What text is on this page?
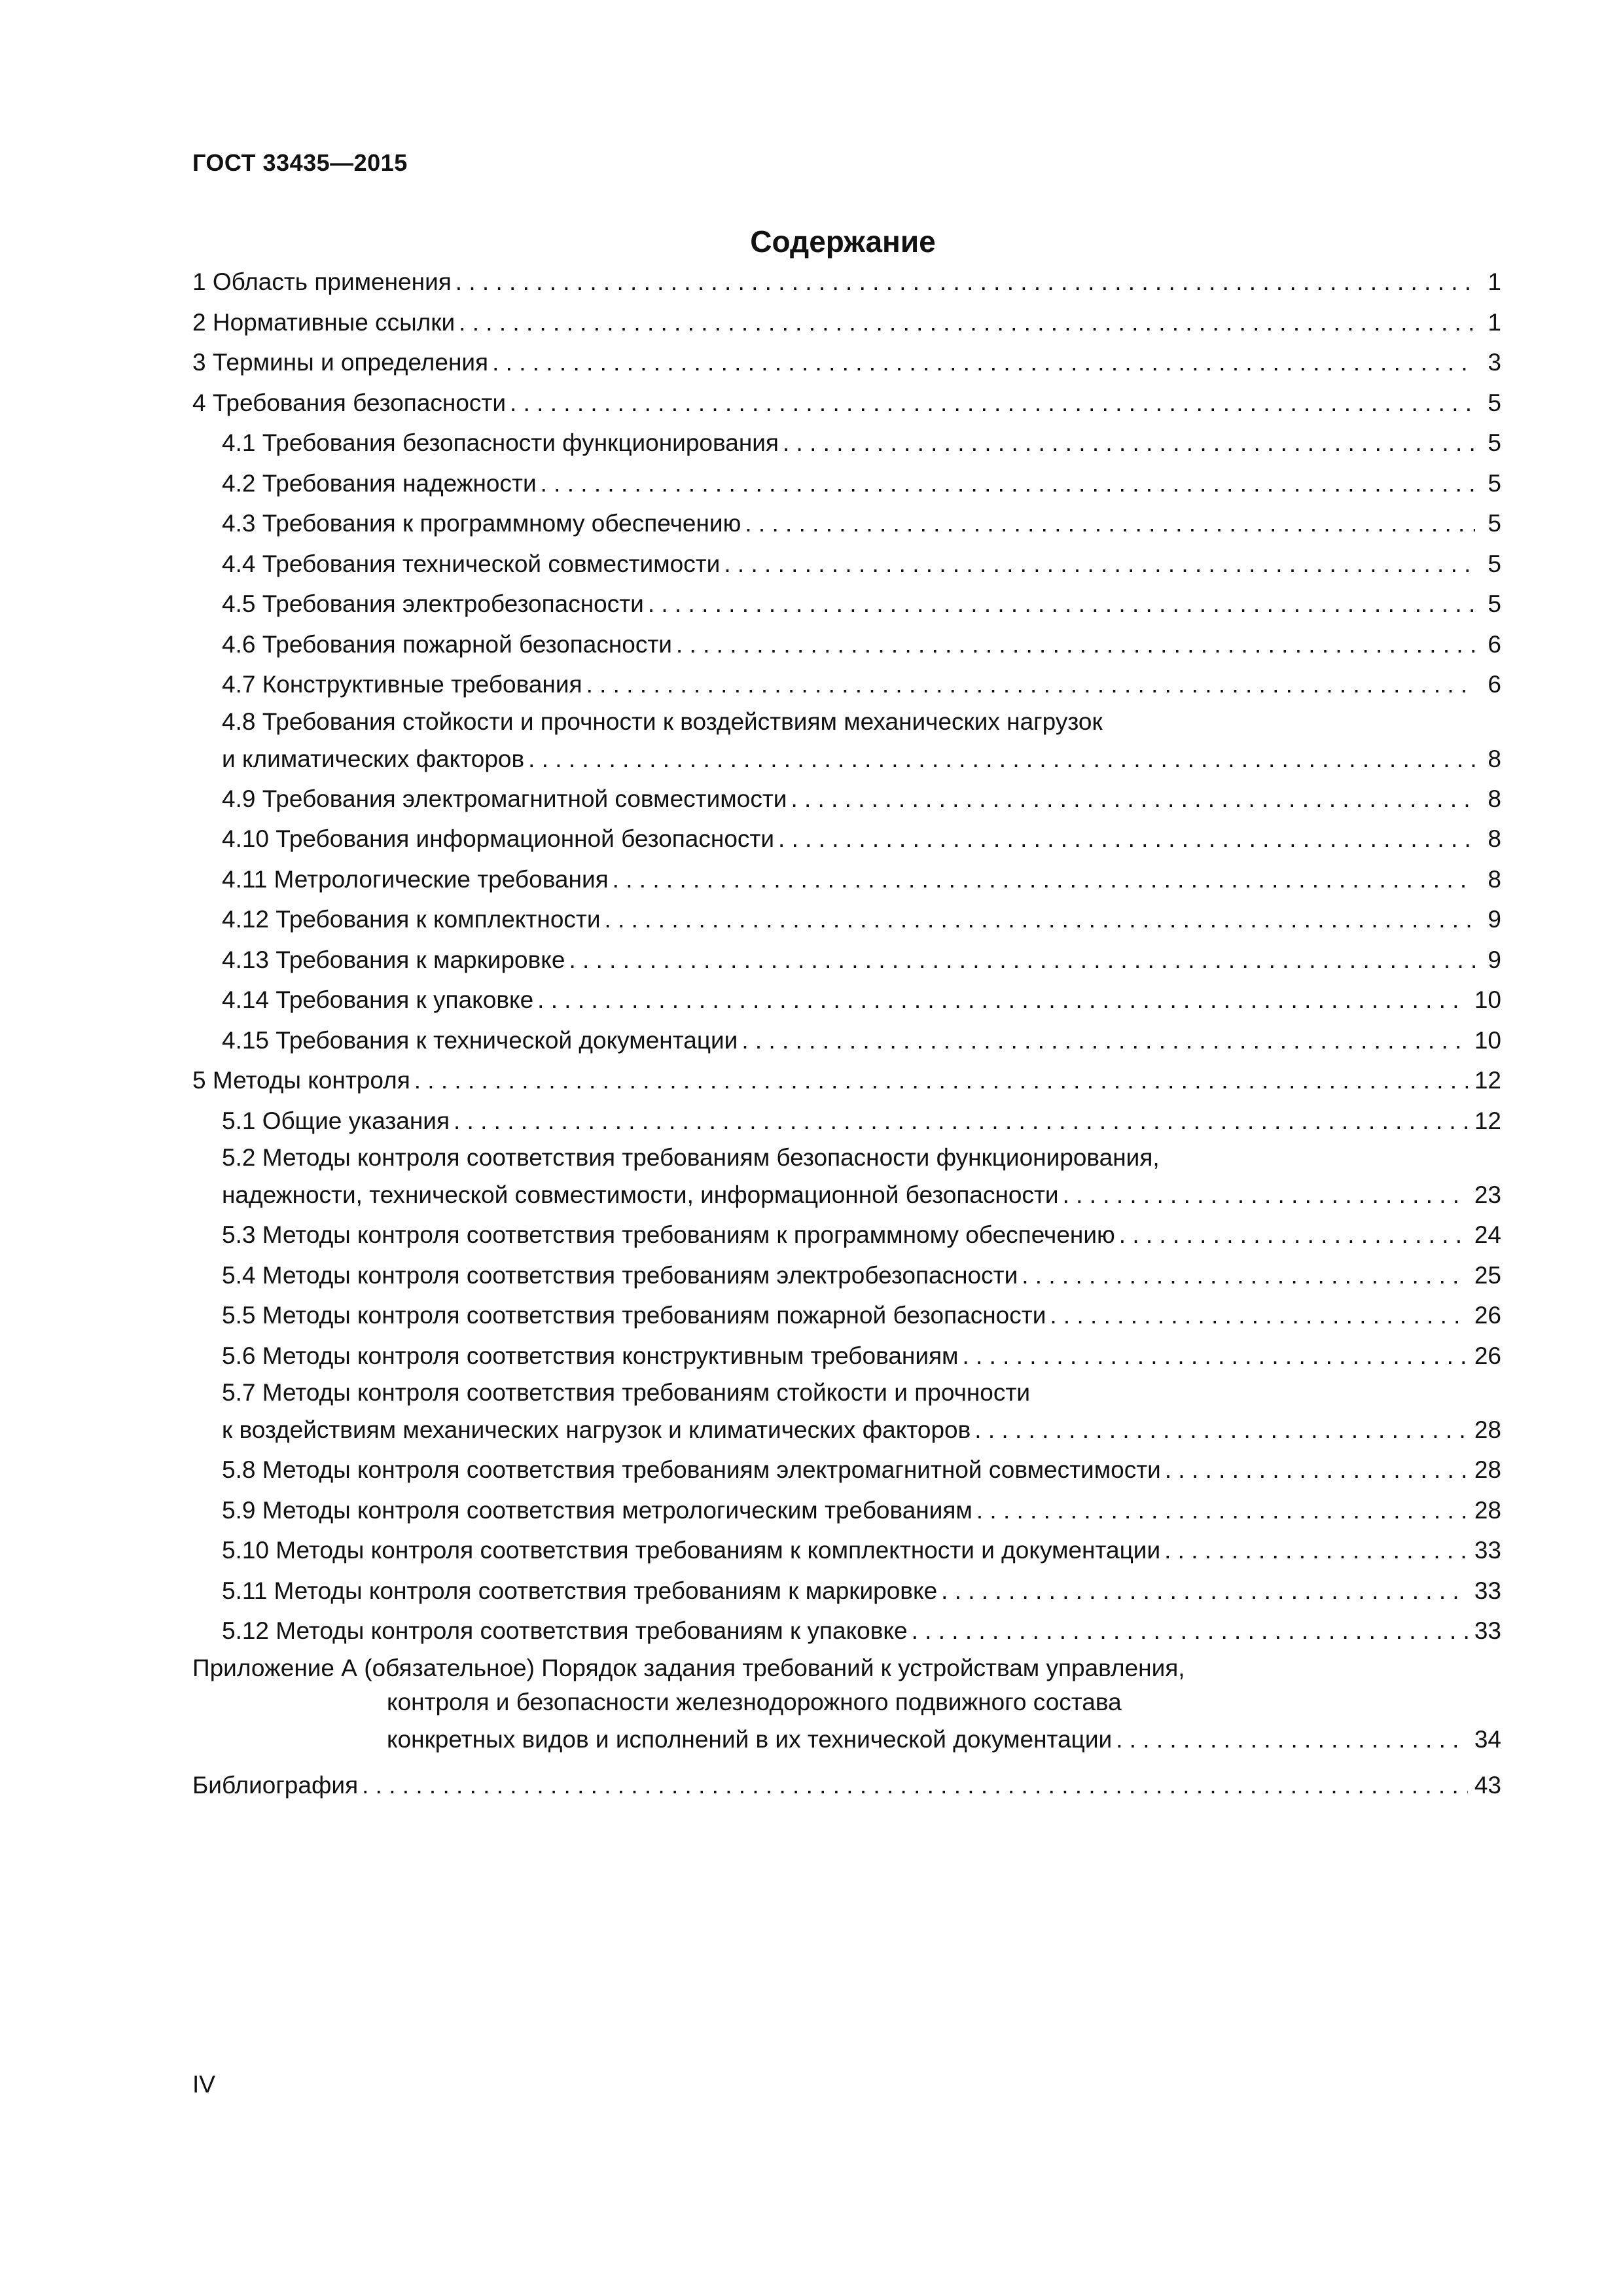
ГОСТ 33435—2015
Содержание
1 Область применения . . .	1
2 Нормативные ссылки . . .	1
3 Термины и определения . . .	3
4 Требования безопасности . . .	5
4.1 Требования безопасности функционирования . . .	5
4.2 Требования надежности . . .	5
4.3 Требования к программному обеспечению . . .	5
4.4 Требования технической совместимости . . .	5
4.5 Требования электробезопасности . . .	5
4.6 Требования пожарной безопасности . . .	6
4.7 Конструктивные требования . . .	6
4.8 Требования стойкости и прочности к воздействиям механических нагрузок
и климатических факторов . . .	8
4.9 Требования электромагнитной совместимости . . .	8
4.10 Требования информационной безопасности . . .	8
4.11 Метрологические требования . . .	8
4.12 Требования к комплектности . . .	9
4.13 Требования к маркировке . . .	9
4.14 Требования к упаковке . . .	10
4.15 Требования к технической документации . . .	10
5 Методы контроля . . .	12
5.1 Общие указания . . .	12
5.2 Методы контроля соответствия требованиям безопасности функционирования,
надежности, технической совместимости, информационной безопасности . . .	23
5.3 Методы контроля соответствия требованиям к программному обеспечению . . .	24
5.4 Методы контроля соответствия требованиям электробезопасности . . .	25
5.5 Методы контроля соответствия требованиям пожарной безопасности . . .	26
5.6 Методы контроля соответствия конструктивным требованиям . . .	26
5.7 Методы контроля соответствия требованиям стойкости и прочности
к воздействиям механических нагрузок и климатических факторов . . .	28
5.8 Методы контроля соответствия требованиям электромагнитной совместимости . . .	28
5.9 Методы контроля соответствия метрологическим требованиям . . .	28
5.10 Методы контроля соответствия требованиям к комплектности и документации . . .	33
5.11 Методы контроля соответствия требованиям к маркировке . . .	33
5.12 Методы контроля соответствия требованиям к упаковке . . .	33
Приложение А (обязательное) Порядок задания требований к устройствам управления,
контроля и безопасности железнодорожного подвижного состава
конкретных видов и исполнений в их технической документации . . .	34
Библиография . . .	43
IV
